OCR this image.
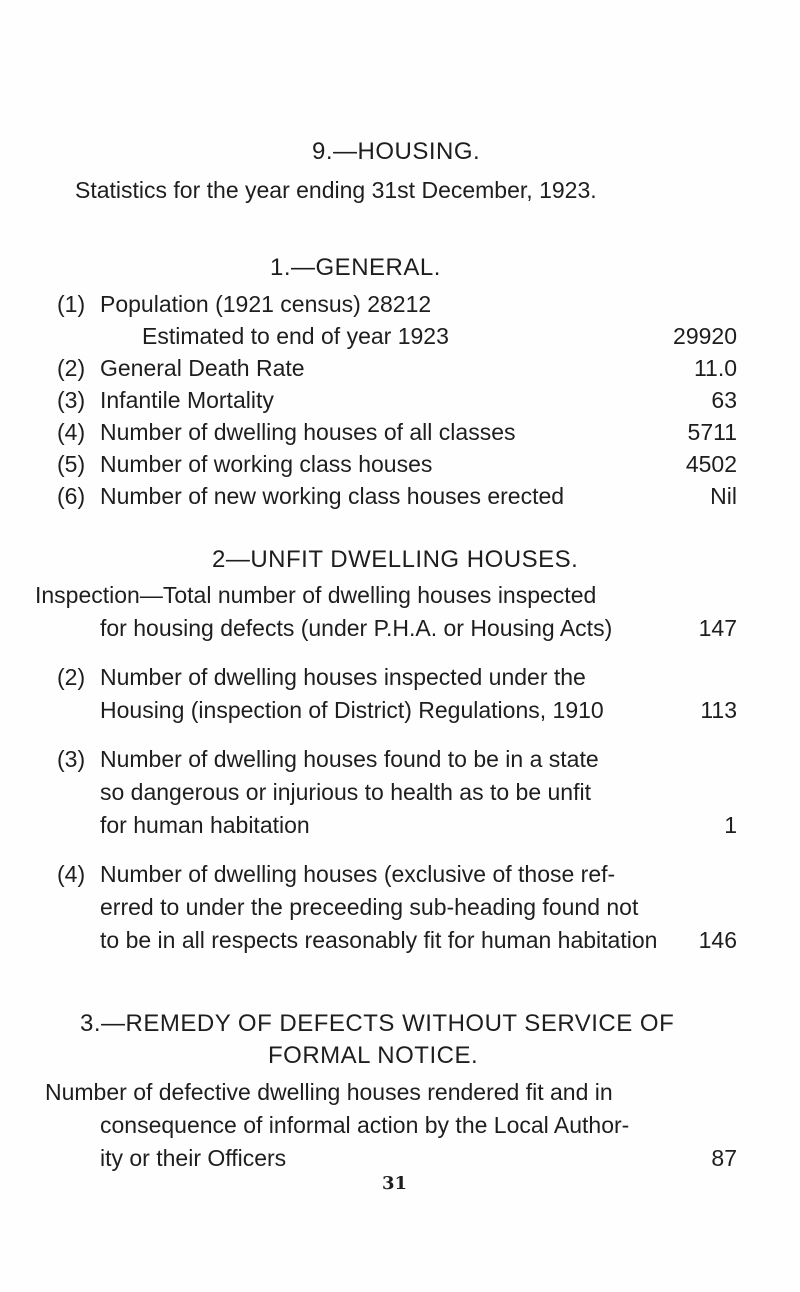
9.—HOUSING.
Statistics for the year ending 31st December, 1923.
1.—GENERAL.
(1) Population (1921 census) 28212
Estimated to end of year 1923	29920
(2) General Death Rate	11.0
(3) Infantile Mortality	63
(4) Number of dwelling houses of all classes	5711
(5) Number of working class houses	4502
(6) Number of new working class houses erected	Nil
2—UNFIT DWELLING HOUSES.
Inspection—Total number of dwelling houses inspected
for housing defects (under P.H.A. or Housing Acts)	147
(2) Number of dwelling houses inspected under the
Housing (inspection of District) Regulations, 1910	113
(3) Number of dwelling houses found to be in a state
so dangerous or injurious to health as to be unfit
for human habitation	1
(4) Number of dwelling houses (exclusive of those ref-
erred to under the preceeding sub-heading found not
to be in all respects reasonably fit for human habitation 146
3.—REMEDY OF DEFECTS WITHOUT SERVICE OF
FORMAL NOTICE.
Number of defective dwelling houses rendered fit and in
consequence of informal action by the Local Author-
ity or their Officers	87
31
